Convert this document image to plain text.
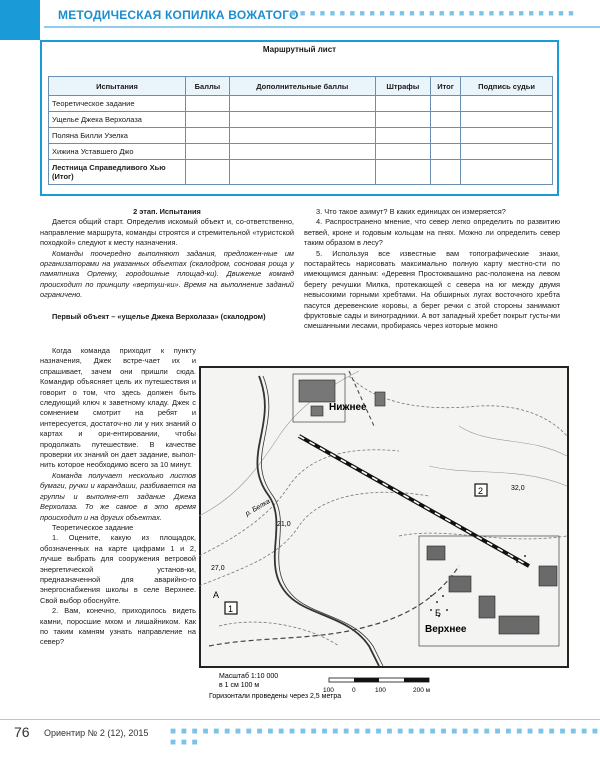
МЕТОДИЧЕСКАЯ КОПИЛКА ВОЖАТОГО
■ ■ ■ ■ ■ ■ ■ ■ ■ ■ ■ ■ ■ ■ ■ ■ ■ ■ ■ ■ ■ ■ ■ ■ ■ ■ ■ ■ ■
Маршрутный лист
Испытания	Баллы	Дополнительные баллы	Штрафы	Итог	Подпись судьи
Теоретическое задание					
Ущелье Джека Верхолаза					
Поляна Билли Узелка					
Хижина Уставшего Джо					
Лестница Справедливого Хью (Итог)					

2 этап. Испытания

Дается общий старт. Определив искомый объект и, со-ответственно, направление маршрута, команды строятся и стремительной «туристской походкой» следуют к месту назначения.

Команды поочередно выполняют задания, предложен-ные им организаторами на указанных объектах (скалодром, сосновая роща у памятника Орленку, городошные площад-ки). Движение команд происходит по принципу «вертуш-ки». Время на выполнение заданий ограничено.

Первый объект – «ущелье Джека Верхолаза» (скалодром)

Когда команда приходит к пункту назначения, Джек встре-чает их и спрашивает, зачем они пришли сюда. Командир объясняет цель их путешествия и говорит о том, что здесь должен быть следующий ключ к заветному кладу. Джек с сомнением смотрит на ребят и интересуется, достаточ-но ли у них знаний о картах и ори-ентировании, чтобы продолжать путешествие. В качестве проверки их знаний он дает задание, выпол-нить которое необходимо всего за 10 минут.

Команда получает несколько листов бумаги, ручки и карандаши, разбивается на группы и выполня-ет задание Джека Верхолаза. То же самое в это время происходит и на других объектах.

Теоретическое задание

1. Оцените, какую из площадок, обозначенных на карте цифрами 1 и 2, лучше выбрать для сооружения ветровой энергетической установ-ки, предназначенной для аварийно-го энергоснабжения школы в селе Верхнее. Свой выбор обоснуйте.

2. Вам, конечно, приходилось видеть камни, поросшие мхом и лишайником. Как по таким камням узнать направление на север?

3. Что такое азимут? В каких единицах он измеряется?

4. Распространено мнение, что север легко определить по развитию ветвей, кроне и годовым кольцам на пнях. Можно ли определить север таким образом в лесу?

5. Используя все известные вам топографические знаки, постарайтесь нарисовать максимально полную карту местно-сти по имеющимся данным: «Деревня Простоквашино рас-положена на левом берегу речушки Милка, протекающей с севера на юг между двумя невысокими горными хребтами. На обширных лугах восточного хребта пасутся деревенские коровы, а берег речки с этой стороны занимают фруктовые сады и виноградники. А вот западный хребет покрыт густы-ми смешанными лесами, пробираясь через которые можно

2
1
Нижнее
Верхнее
Б
А
р. Белка
32,0
21,0
27,0
Масштаб 1:10 000
в 1 см 100 м
Горизонтали проведены через 2,5 метра
100	0	100	200 м
76 Ориентир № 2 (12), 2015 ■ ■ ■ ■ ■ ■ ■ ■ ■ ■ ■ ■ ■ ■ ■ ■ ■ ■ ■ ■ ■ ■ ■ ■ ■ ■ ■ ■ ■ ■ ■ ■ ■ ■ ■ ■ ■ ■ ■ ■ ■ ■ ■
